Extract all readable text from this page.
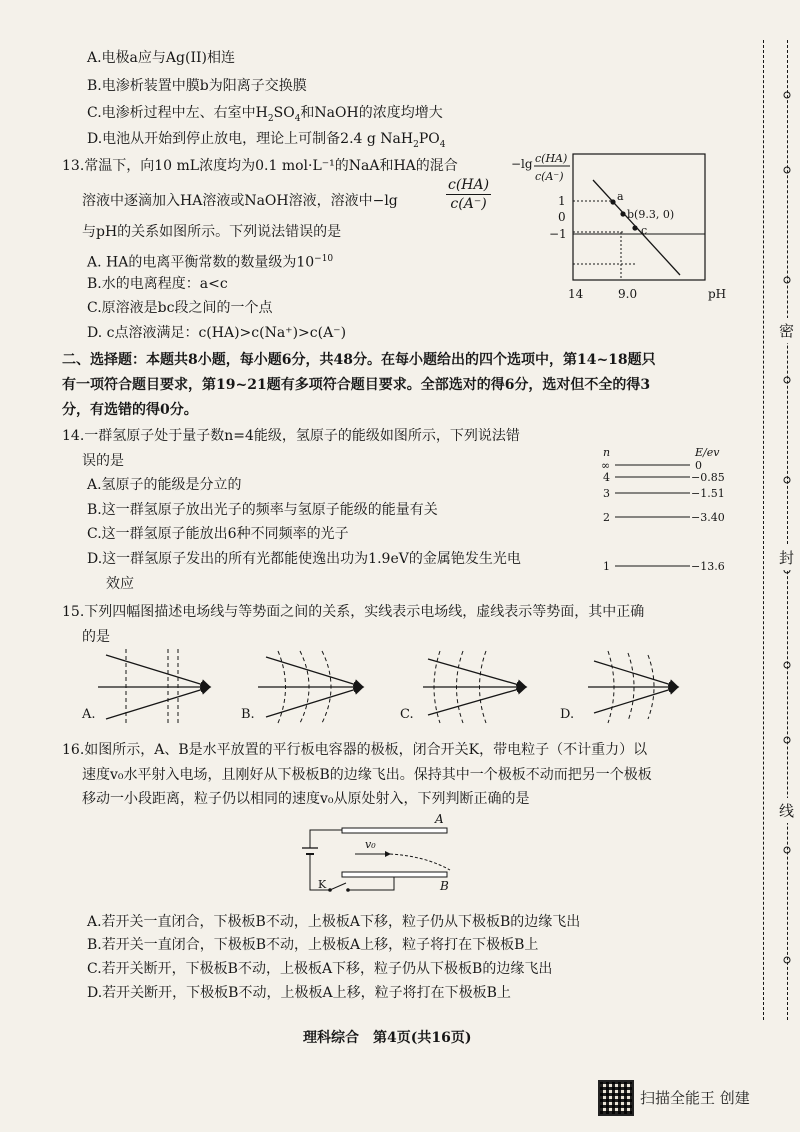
A.电极a应与Ag(II)相连
B.电渗析装置中膜b为阳离子交换膜
C.电渗析过程中左、右室中$H_2SO_4$和NaOH的浓度均增大
D.电池从开始到停止放电，理论上可制备2.4 g $NaH_2PO_4$
13.常温下，向10 mL浓度均为0.1 mol·L⁻¹的NaA和HA的混合
溶液中逐滴加入HA溶液或NaOH溶液，溶液中−lg
c(HA)
c(A⁻)
与pH的关系如图所示。下列说法错误的是
A. HA的电离平衡常数的数量级为$10^{-10}$
B.水的电离程度：a<c
C.原溶液是bc段之间的一个点
D. c点溶液满足：c(HA)>c(Na⁺)>c(A⁻)
−lg c(HA)
c(A⁻)
a
b(9.3, 0)
c
1
0
−1
14	9.0	pH
二、选择题：本题共8小题，每小题6分，共48分。在每小题给出的四个选项中，第14~18题只
有一项符合题目要求，第19~21题有多项符合题目要求。全部选对的得6分，选对但不全的得3
分，有选错的得0分。
14.一群氢原子处于量子数n=4能级，氢原子的能级如图所示，下列说法错
误的是
A.氢原子的能级是分立的
B.这一群氢原子放出光子的频率与氢原子能级的能量有关
C.这一群氢原子能放出6种不同频率的光子
D.这一群氢原子发出的所有光都能使逸出功为1.9eV的金属铯发生光电
效应
n	E/ev
∞	0
4	−0.85
3	−1.51
2	−3.40
1	−13.6
15.下列四幅图描述电场线与等势面之间的关系，实线表示电场线，虚线表示等势面，其中正确
的是
A.	B.	C.	D.
16.如图所示，A、B是水平放置的平行板电容器的极板，闭合开关K，带电粒子（不计重力）以
速度v₀水平射入电场，且刚好从下极板B的边缘飞出。保持其中一个极板不动而把另一个极板
移动一小段距离，粒子仍以相同的速度v₀从原处射入，下列判断正确的是
A
B
K
v₀
A.若开关一直闭合，下极板B不动，上极板A下移，粒子仍从下极板B的边缘飞出
B.若开关一直闭合，下极板B不动，上极板A上移，粒子将打在下极板B上
C.若开关断开，下极板B不动，上极板A下移，粒子仍从下极板B的边缘飞出
D.若开关断开，下极板B不动，上极板A上移，粒子将打在下极板B上
理科综合　第4页(共16页)
密
封
线
扫描全能王 创建
